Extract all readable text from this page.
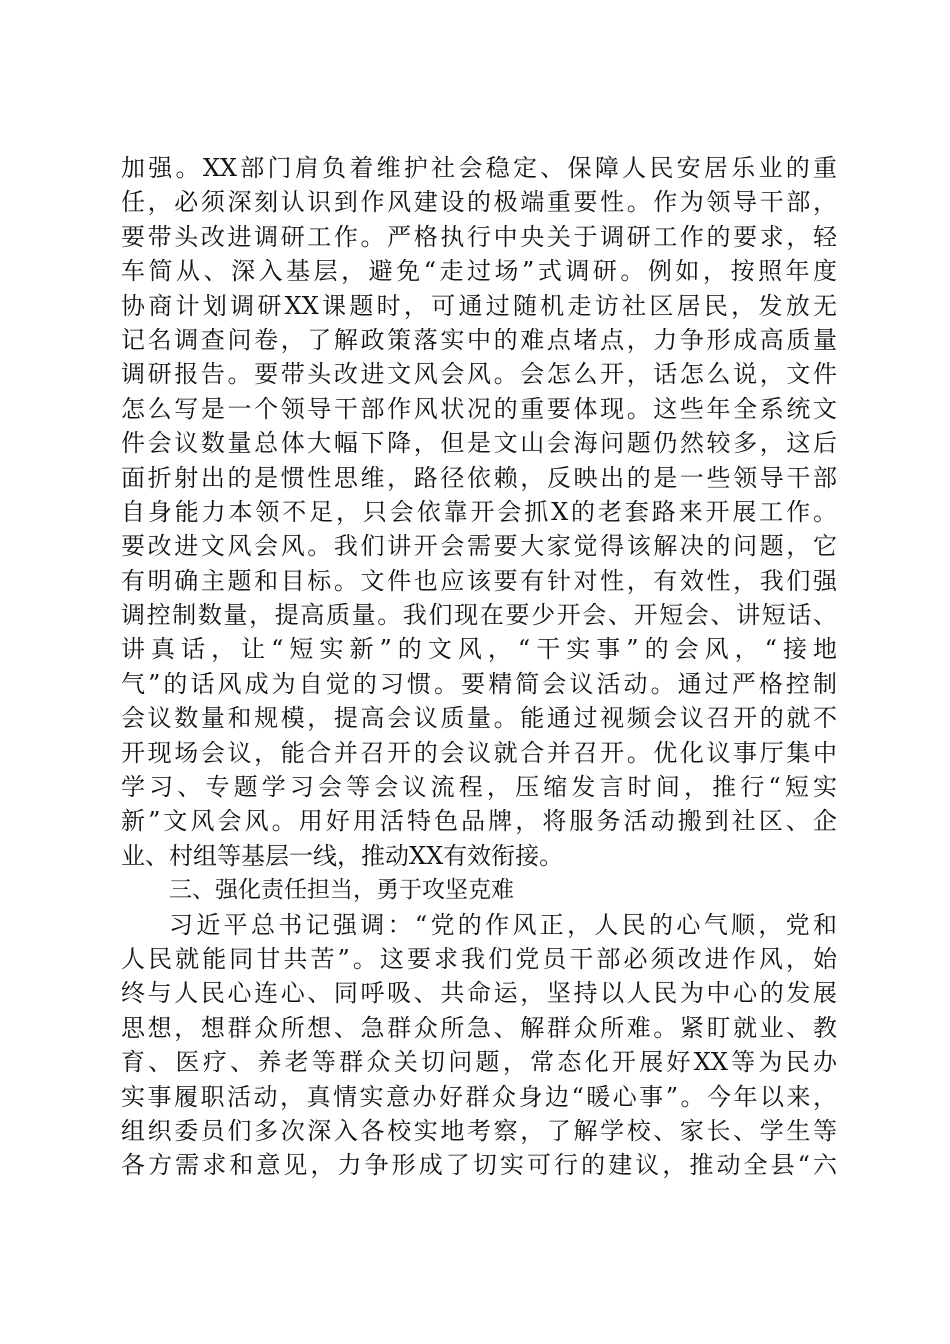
加强。XX部门肩负着维护社会稳定、保障人民安居乐业的重
任，必须深刻认识到作风建设的极端重要性。作为领导干部，
要带头改进调研工作。严格执行中央关于调研工作的要求，轻
车简从、深入基层，避免“走过场”式调研。例如，按照年度
协商计划调研XX课题时，可通过随机走访社区居民，发放无
记名调查问卷，了解政策落实中的难点堵点，力争形成高质量
调研报告。要带头改进文风会风。会怎么开，话怎么说，文件
怎么写是一个领导干部作风状况的重要体现。这些年全系统文
件会议数量总体大幅下降，但是文山会海问题仍然较多，这后
面折射出的是惯性思维，路径依赖，反映出的是一些领导干部
自身能力本领不足，只会依靠开会抓X的老套路来开展工作。
要改进文风会风。我们讲开会需要大家觉得该解决的问题，它
有明确主题和目标。文件也应该要有针对性，有效性，我们强
调控制数量，提高质量。我们现在要少开会、开短会、讲短话、
讲真话，让“短实新”的文风，“干实事”的会风，“接地
气”的话风成为自觉的习惯。要精简会议活动。通过严格控制
会议数量和规模，提高会议质量。能通过视频会议召开的就不
开现场会议，能合并召开的会议就合并召开。优化议事厅集中
学习、专题学习会等会议流程，压缩发言时间，推行“短实
新”文风会风。用好用活特色品牌，将服务活动搬到社区、企
业、村组等基层一线，推动XX有效衔接。
三、强化责任担当，勇于攻坚克难
习近平总书记强调：“党的作风正，人民的心气顺，党和
人民就能同甘共苦”。这要求我们党员干部必须改进作风，始
终与人民心连心、同呼吸、共命运，坚持以人民为中心的发展
思想，想群众所想、急群众所急、解群众所难。紧盯就业、教
育、医疗、养老等群众关切问题，常态化开展好XX等为民办
实事履职活动，真情实意办好群众身边“暖心事”。今年以来，
组织委员们多次深入各校实地考察，了解学校、家长、学生等
各方需求和意见，力争形成了切实可行的建议，推动全县“六
